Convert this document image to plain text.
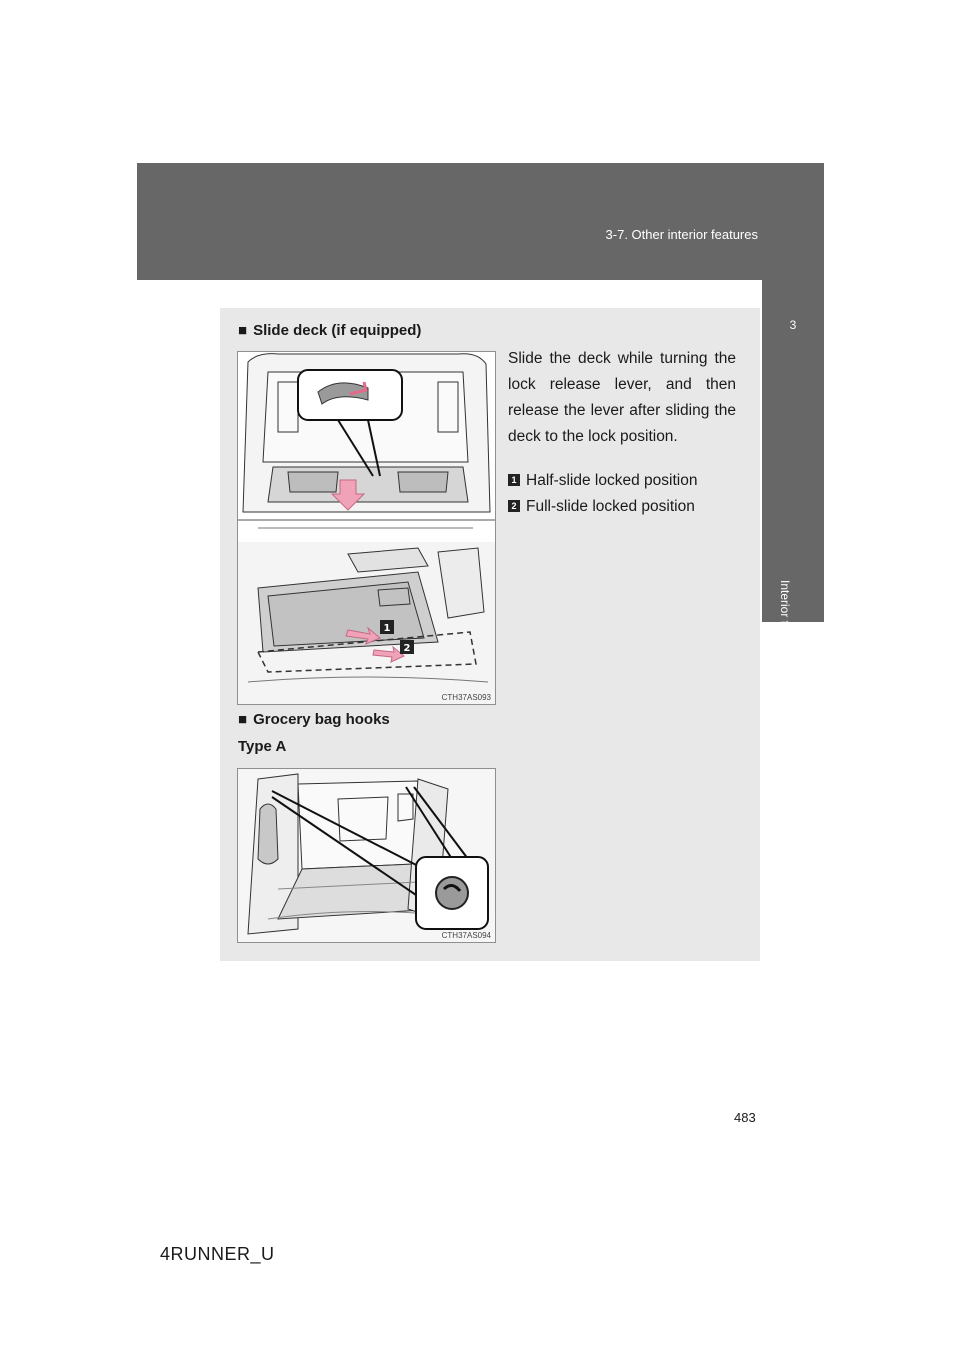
3-7. Other interior features
3
Interior features
■ Slide deck (if equipped)
Slide the deck while turning the lock release lever, and then release the lever after sliding the deck to the lock position.
1 Half-slide locked position
2 Full-slide locked position
1
2
CTH37AS093
■ Grocery bag hooks
Type A
CTH37AS094
483
4RUNNER_U
